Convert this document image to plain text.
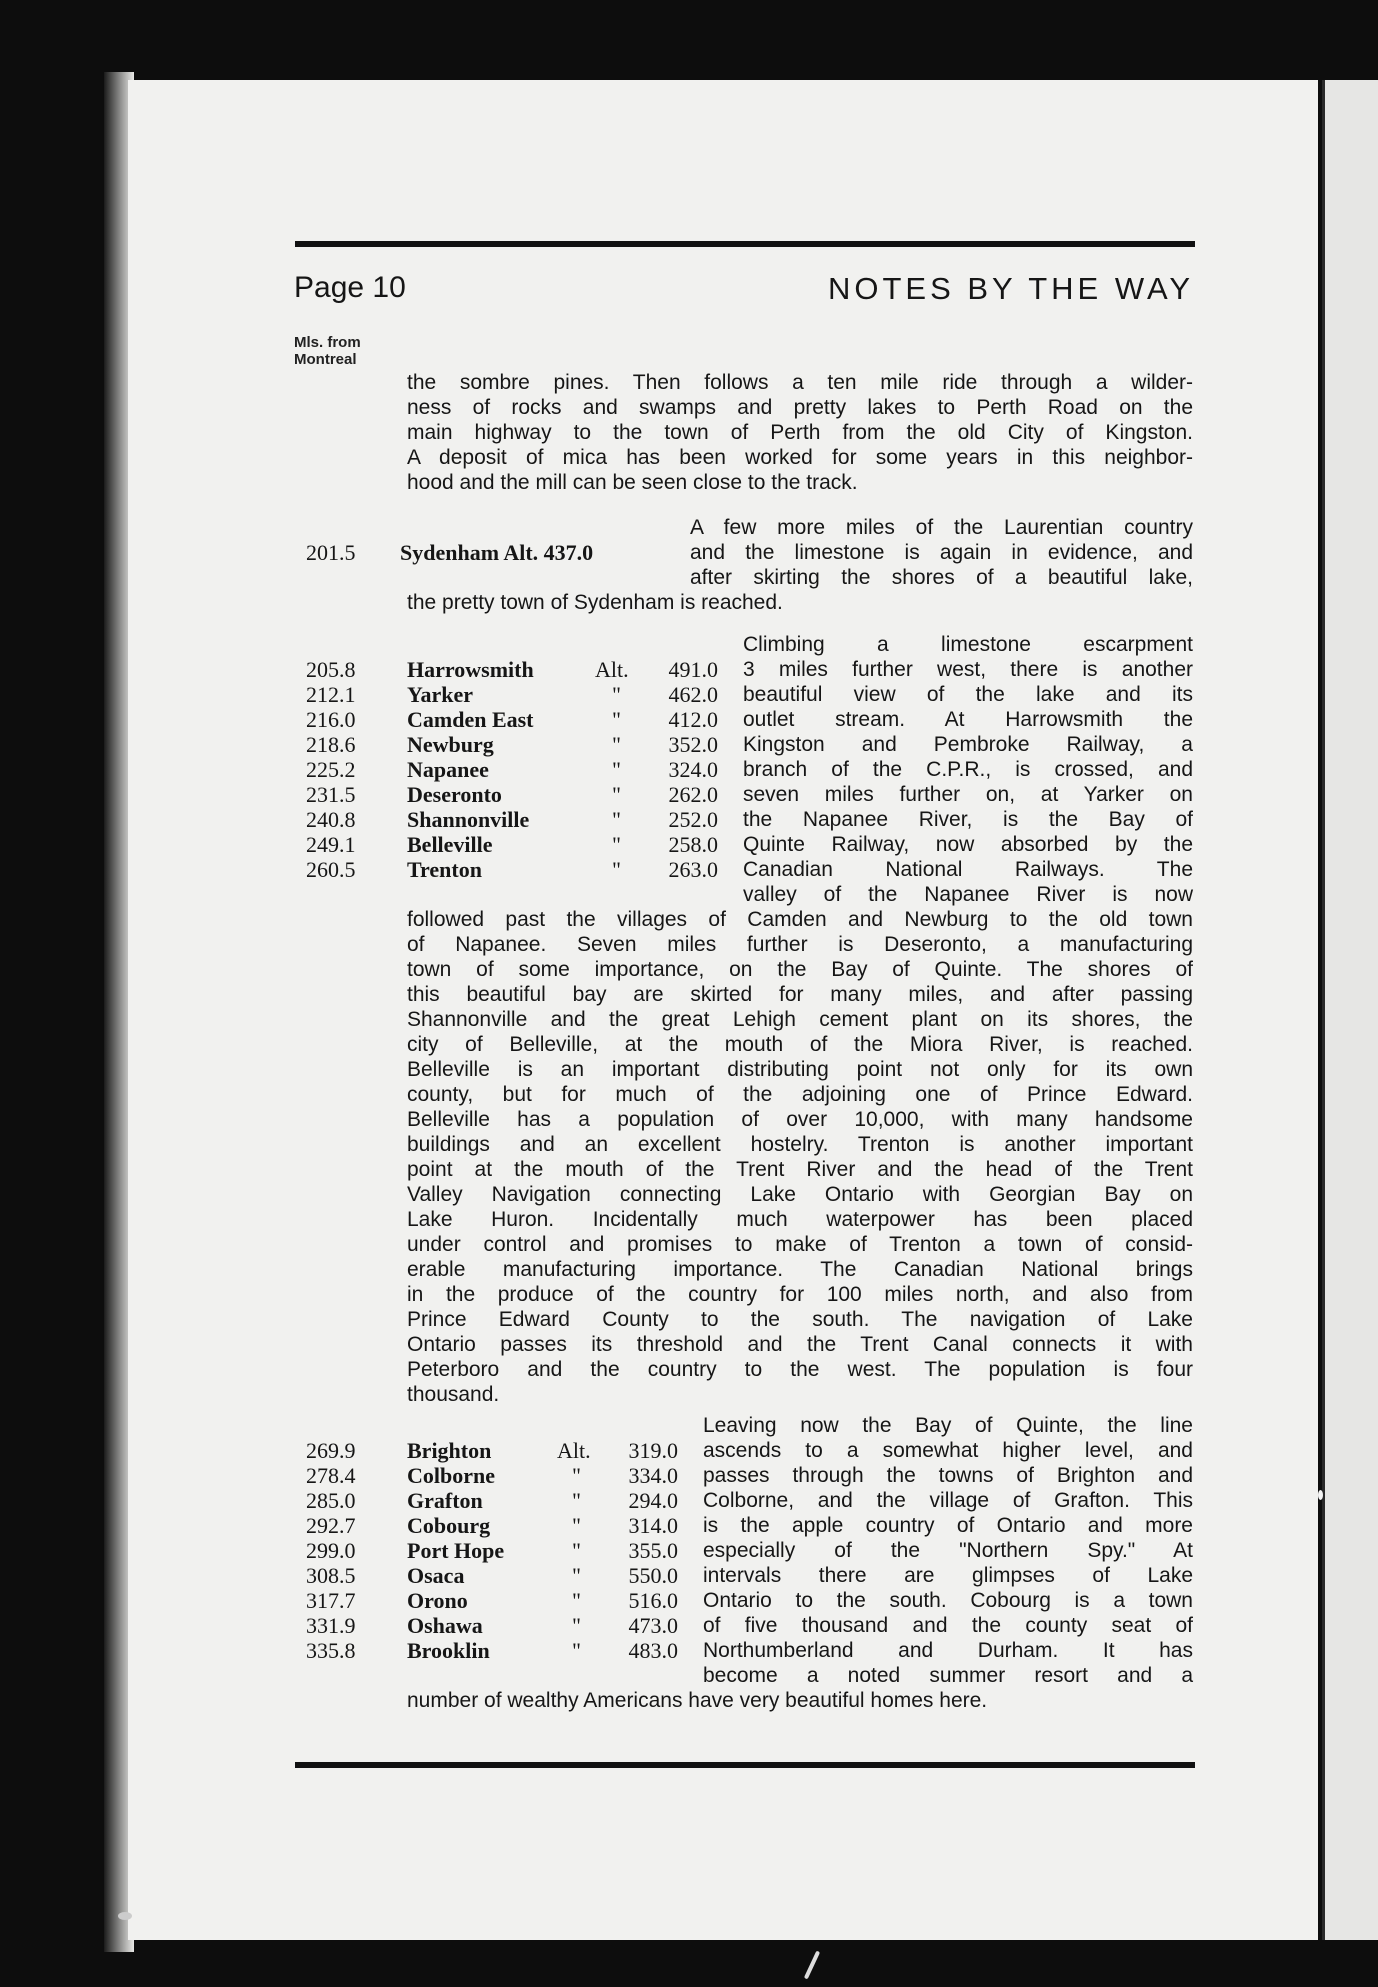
Page 10	NOTES BY THE WAY
Mls. from
Montreal
the sombre pines. Then follows a ten mile ride through a wilder-
ness of rocks and swamps and pretty lakes to Perth Road on the
main highway to the town of Perth from the old City of Kingston.
A deposit of mica has been worked for some years in this neighbor-
hood and the mill can be seen close to the track.
201.5 Sydenham Alt. 437.0
A few more miles of the Laurentian country
and the limestone is again in evidence, and
after skirting the shores of a beautiful lake,
the pretty town of Sydenham is reached.
205.8 Harrowsmith	Alt.	491.0
212.1 Yarker	"	462.0
216.0 Camden East	"	412.0
218.6 Newburg	"	352.0
225.2 Napanee	"	324.0
231.5 Deseronto	"	262.0
240.8 Shannonville	"	252.0
249.1 Belleville	"	258.0
260.5 Trenton	"	263.0
Climbing a limestone escarpment
3 miles further west, there is another
beautiful view of the lake and its
outlet stream. At Harrowsmith the
Kingston and Pembroke Railway, a
branch of the C.P.R., is crossed, and
seven miles further on, at Yarker on
the Napanee River, is the Bay of
Quinte Railway, now absorbed by the
Canadian National Railways. The
valley of the Napanee River is now
followed past the villages of Camden and Newburg to the old town
of Napanee. Seven miles further is Deseronto, a manufacturing
town of some importance, on the Bay of Quinte. The shores of
this beautiful bay are skirted for many miles, and after passing
Shannonville and the great Lehigh cement plant on its shores, the
city of Belleville, at the mouth of the Miora River, is reached.
Belleville is an important distributing point not only for its own
county, but for much of the adjoining one of Prince Edward.
Belleville has a population of over 10,000, with many handsome
buildings and an excellent hostelry. Trenton is another important
point at the mouth of the Trent River and the head of the Trent
Valley Navigation connecting Lake Ontario with Georgian Bay on
Lake Huron. Incidentally much waterpower has been placed
under control and promises to make of Trenton a town of consid-
erable manufacturing importance. The Canadian National brings
in the produce of the country for 100 miles north, and also from
Prince Edward County to the south. The navigation of Lake
Ontario passes its threshold and the Trent Canal connects it with
Peterboro and the country to the west. The population is four
thousand.
269.9 Brighton	Alt.	319.0
278.4 Colborne	"	334.0
285.0 Grafton	"	294.0
292.7 Cobourg	"	314.0
299.0 Port Hope	"	355.0
308.5 Osaca	"	550.0
317.7 Orono	"	516.0
331.9 Oshawa	"	473.0
335.8 Brooklin	"	483.0
Leaving now the Bay of Quinte, the line
ascends to a somewhat higher level, and
passes through the towns of Brighton and
Colborne, and the village of Grafton. This
is the apple country of Ontario and more
especially of the "Northern Spy." At
intervals there are glimpses of Lake
Ontario to the south. Cobourg is a town
of five thousand and the county seat of
Northumberland and Durham. It has
become a noted summer resort and a
number of wealthy Americans have very beautiful homes here.
